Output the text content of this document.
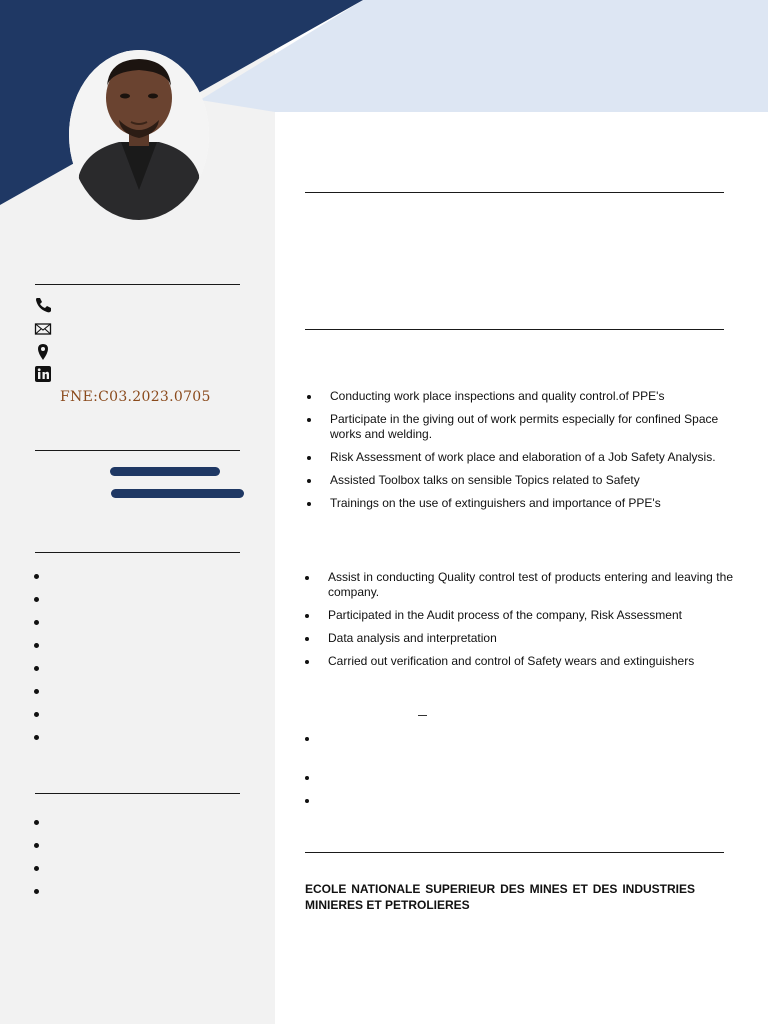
FNE:C03.2023.0705	Conducting work place inspections and quality control.of PPE's
Participate in the giving out of work permits especially for confined Space works and welding.
Risk Assessment of work place and elaboration of a Job Safety Analysis.
Assisted Toolbox talks on sensible Topics related to Safety
Trainings on the use of extinguishers and importance of PPE's
Assist in conducting Quality control test of products entering and leaving the company.
Participated in the Audit process of the company, Risk Assessment
Data analysis and interpretation
Carried out verification and control of Safety wears and extinguishers
ECOLE NATIONALE SUPERIEUR DES MINES ET DES INDUSTRIES MINIERES ET PETROLIERES
